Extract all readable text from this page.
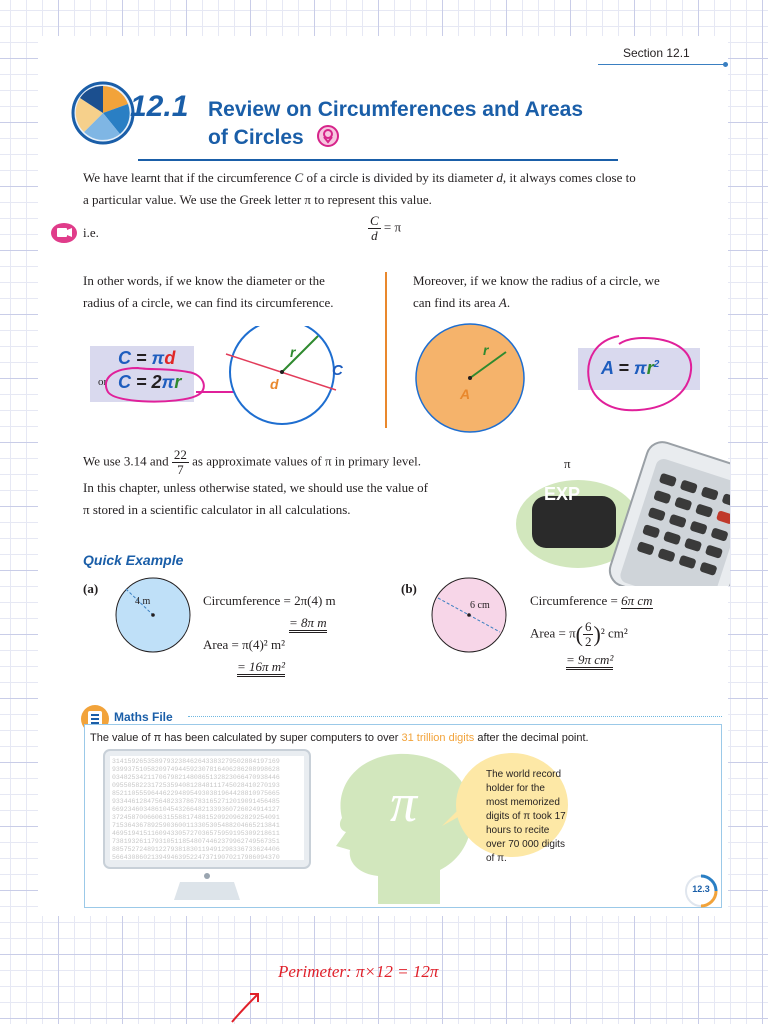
Section 12.1
12.1 Review on Circumferences and Areas
of Circles
We have learnt that if the circumference C of a circle is divided by its diameter d, it always comes close to
a particular value. We use the Greek letter π to represent this value.
i.e.	$\frac{C}{d} = \pi$
In other words, if we know the diameter or the
radius of a circle, we can find its circumference.
Moreover, if we know the radius of a circle, we
can find its area A.
C = πd
or C = 2πr
r
d
C
r
A
$A = \pi r^2$
We use 3.14 and $\frac{22}{7}$ as approximate values of π in primary level.
In this chapter, unless otherwise stated, we should use the value of
π stored in a scientific calculator in all calculations.
π
EXP
Quick Example
(a)
4 m	Circumference = 2π(4) m
= 8π m
Area = π(4)² m²
= 16π m²
(b)
6 cm	Circumference = 6π cm
Area = $\pi( \frac{6}{2} )^2$ cm²
= 9π cm²
Maths File
The value of π has been calculated by super computers to over 31 trillion digits after the decimal point.
3141592653589793238462643383279502884197169
9399375105820974944592307816406286208998628
0348253421170679821480865132823066470938446
0955058223172535940812848111745028410270193
8521105559644622948954930381964428810975665
9334461284756482337867831652712019091456485
6692346034861045432664821339360726024914127
3724587006606315588174881520920962829254091
7153643678925903600113305305488204665213841
4695194151160943305727036575959195309218611
7381932611793105118548074462379962749567351
8857527248912279381830119491298336733624406
5664308602139494639522473719070217986094370
π	The world record holder for the most memorized digits of π took 17 hours to recite over 70 000 digits of π.
12.3
Perimeter: π×12 = 12π
